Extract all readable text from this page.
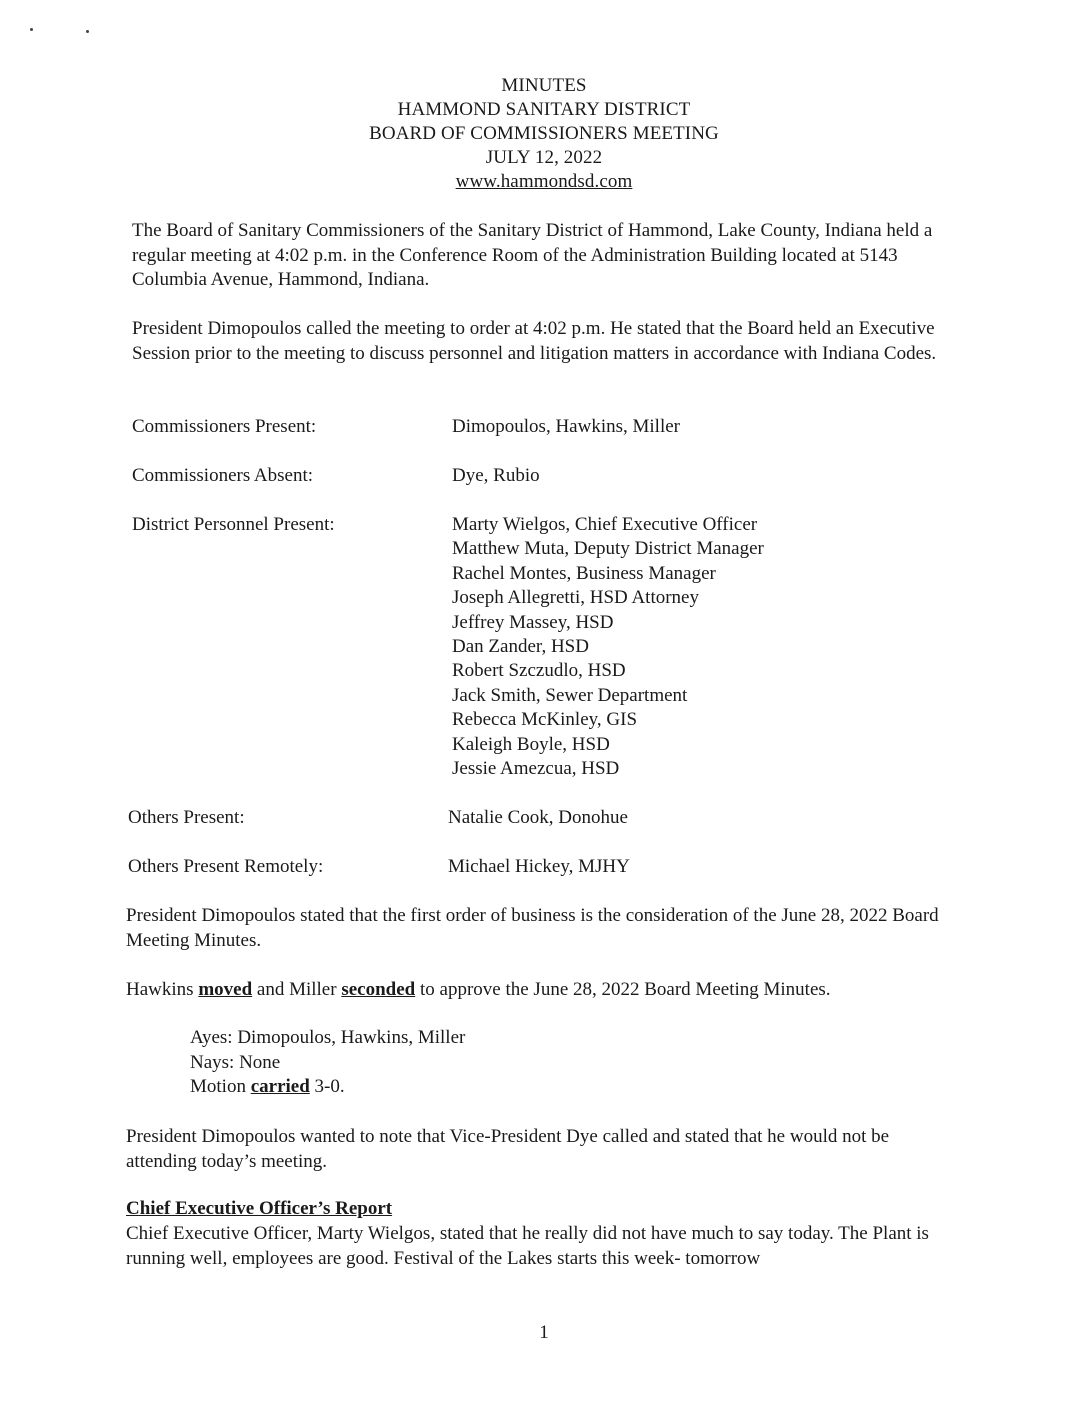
MINUTES
HAMMOND SANITARY DISTRICT
BOARD OF COMMISSIONERS MEETING
JULY 12, 2022
www.hammondsd.com
The Board of Sanitary Commissioners of the Sanitary District of Hammond, Lake County, Indiana held a regular meeting at 4:02 p.m. in the Conference Room of the Administration Building located at 5143 Columbia Avenue, Hammond, Indiana.
President Dimopoulos called the meeting to order at 4:02 p.m. He stated that the Board held an Executive Session prior to the meeting to discuss personnel and litigation matters in accordance with Indiana Codes.
Commissioners Present:	Dimopoulos, Hawkins, Miller
Commissioners Absent:	Dye, Rubio
District Personnel Present:	Marty Wielgos, Chief Executive Officer
Matthew Muta, Deputy District Manager
Rachel Montes, Business Manager
Joseph Allegretti, HSD Attorney
Jeffrey Massey, HSD
Dan Zander, HSD
Robert Szczudlo, HSD
Jack Smith, Sewer Department
Rebecca McKinley, GIS
Kaleigh Boyle, HSD
Jessie Amezcua, HSD
Others Present:	Natalie Cook, Donohue
Others Present Remotely:	Michael Hickey, MJHY
President Dimopoulos stated that the first order of business is the consideration of the June 28, 2022 Board Meeting Minutes.
Hawkins moved and Miller seconded to approve the June 28, 2022 Board Meeting Minutes.
Ayes: Dimopoulos, Hawkins, Miller
Nays: None
Motion carried 3-0.
President Dimopoulos wanted to note that Vice-President Dye called and stated that he would not be attending today’s meeting.
Chief Executive Officer’s Report
Chief Executive Officer, Marty Wielgos, stated that he really did not have much to say today. The Plant is running well, employees are good. Festival of the Lakes starts this week- tomorrow
1
